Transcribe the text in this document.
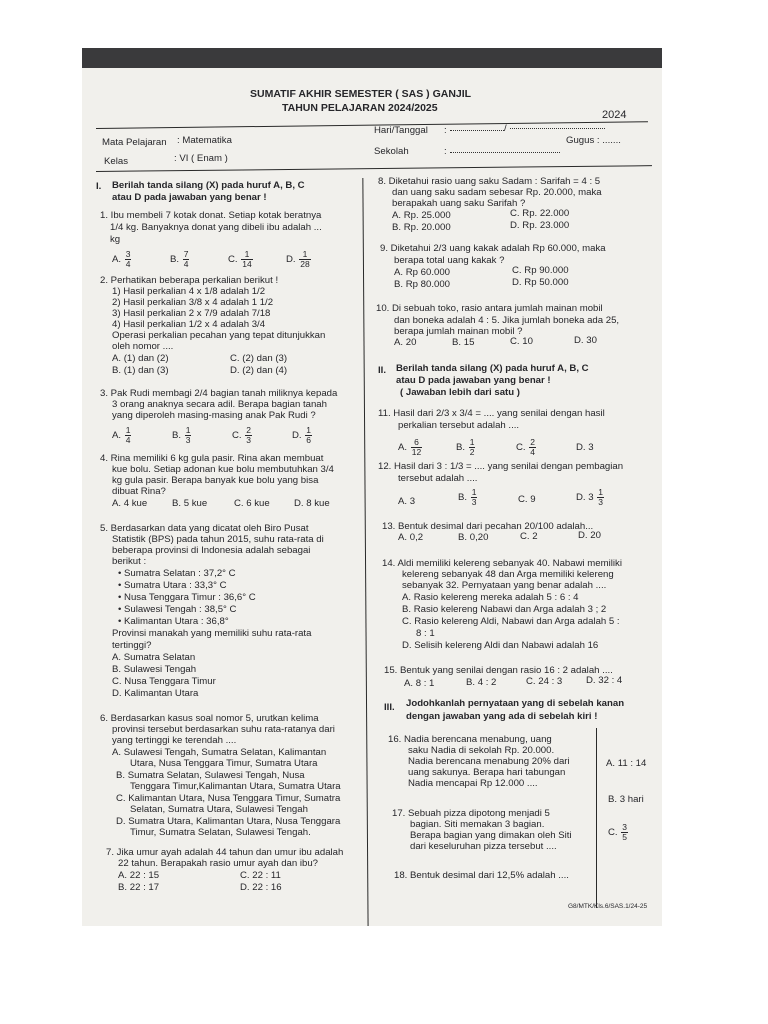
SUMATIF AKHIR SEMESTER ( SAS ) GANJIL
TAHUN PELAJARAN 2024/2025
2024
Mata Pelajaran : Matematika
Kelas	: VI ( Enam )
Hari/Tanggal :	/
Sekolah	:
Gugus : .......
I. Berilah tanda silang (X) pada huruf A, B, C
atau D pada jawaban yang benar !
1. Ibu membeli 7 kotak donat. Setiap kotak beratnya
1/4 kg. Banyaknya donat yang dibeli ibu adalah ...
kg
A. $\frac{3}{4}$	B. $\frac{7}{4}$	C. $\frac{1}{14}$	D. $\frac{1}{28}$
2. Perhatikan beberapa perkalian berikut !
1) Hasil perkalian 4 x 1/8 adalah 1/2
2) Hasil perkalian 3/8 x 4 adalah 1 1/2
3) Hasil perkalian 2 x 7/9 adalah 7/18
4) Hasil perkalian 1/2 x 4 adalah 3/4
Operasi perkalian pecahan yang tepat ditunjukkan
oleh nomor ....
A. (1) dan (2)	C. (2) dan (3)
B. (1) dan (3)	D. (2) dan (4)
3. Pak Rudi membagi 2/4 bagian tanah miliknya kepada
3 orang anaknya secara adil. Berapa bagian tanah
yang diperoleh masing-masing anak Pak Rudi ?
A. $\frac{1}{4}$	B. $\frac{1}{3}$	C. $\frac{2}{3}$	D. $\frac{1}{6}$
4. Rina memiliki 6 kg gula pasir. Rina akan membuat
kue bolu. Setiap adonan kue bolu membutuhkan 3/4
kg gula pasir. Berapa banyak kue bolu yang bisa
dibuat Rina?
A. 4 kue	B. 5 kue	C. 6 kue	D. 8 kue
5. Berdasarkan data yang dicatat oleh Biro Pusat
Statistik (BPS) pada tahun 2015, suhu rata-rata di
beberapa provinsi di Indonesia adalah sebagai
berikut :
• Sumatra Selatan : 37,2° C
• Sumatra Utara : 33,3° C
• Nusa Tenggara Timur : 36,6° C
• Sulawesi Tengah : 38,5° C
• Kalimantan Utara : 36,8°
Provinsi manakah yang memiliki suhu rata-rata
tertinggi?
A. Sumatra Selatan
B. Sulawesi Tengah
C. Nusa Tenggara Timur
D. Kalimantan Utara
6. Berdasarkan kasus soal nomor 5, urutkan kelima
provinsi tersebut berdasarkan suhu rata-ratanya dari
yang tertinggi ke terendah ....
A. Sulawesi Tengah, Sumatra Selatan, Kalimantan
Utara, Nusa Tenggara Timur, Sumatra Utara
B. Sumatra Selatan, Sulawesi Tengah, Nusa
Tenggara Timur,Kalimantan Utara, Sumatra Utara
C. Kalimantan Utara, Nusa Tenggara Timur, Sumatra
Selatan, Sumatra Utara, Sulawesi Tengah
D. Sumatra Utara, Kalimantan Utara, Nusa Tenggara
Timur, Sumatra Selatan, Sulawesi Tengah.
7. Jika umur ayah adalah 44 tahun dan umur ibu adalah
22 tahun. Berapakah rasio umur ayah dan ibu?
A. 22 : 15	C. 22 : 11
B. 22 : 17	D. 22 : 16
8. Diketahui rasio uang saku Sadam : Sarifah = 4 : 5
dan uang saku sadam sebesar Rp. 20.000, maka
berapakah uang saku Sarifah ?
A. Rp. 25.000	C. Rp. 22.000
B. Rp. 20.000	D. Rp. 23.000
9. Diketahui 2/3 uang kakak adalah Rp 60.000, maka
berapa total uang kakak ?
A. Rp 60.000	C. Rp 90.000
B. Rp 80.000	D. Rp 50.000
10. Di sebuah toko, rasio antara jumlah mainan mobil
dan boneka adalah 4 : 5. Jika jumlah boneka ada 25,
berapa jumlah mainan mobil ?
A. 20	B. 15	C. 10	D. 30
II. Berilah tanda silang (X) pada huruf A, B, C
atau D pada jawaban yang benar !
( Jawaban lebih dari satu )
11. Hasil dari 2/3 x 3/4 = .... yang senilai dengan hasil
perkalian tersebut adalah ....
A. $\frac{6}{12}$	B. $\frac{1}{2}$	C. $\frac{2}{4}$	D. 3
12. Hasil dari 3 : 1/3 = .... yang senilai dengan pembagian
tersebut adalah ....
A. 3	B. $\frac{1}{3}$	C. 9	D. $3 \frac{1}{3}$
13. Bentuk desimal dari pecahan 20/100 adalah...
A. 0,2	B. 0,20	C. 2	D. 20
14. Aldi memiliki kelereng sebanyak 40. Nabawi memiliki
kelereng sebanyak 48 dan Arga memiliki kelereng
sebanyak 32. Pernyataan yang benar adalah ....
A. Rasio kelereng mereka adalah 5 : 6 : 4
B. Rasio kelereng Nabawi dan Arga adalah 3 ; 2
C. Rasio kelereng Aldi, Nabawi dan Arga adalah 5 :
8 : 1
D. Selisih kelereng Aldi dan Nabawi adalah 16
15. Bentuk yang senilai dengan rasio 16 : 2 adalah ....
A. 8 : 1	B. 4 : 2	C. 24 : 3 D. 32 : 4
III. Jodohkanlah pernyataan yang di sebelah kanan
dengan jawaban yang ada di sebelah kiri !
16. Nadia berencana menabung, uang
saku Nadia di sekolah Rp. 20.000.
Nadia berencana menabung 20% dari
uang sakunya. Berapa hari tabungan
Nadia mencapai Rp 12.000 ....
17. Sebuah pizza dipotong menjadi 5
bagian. Siti memakan 3 bagian.
Berapa bagian yang dimakan oleh Siti
dari keseluruhan pizza tersebut ....
18. Bentuk desimal dari 12,5% adalah ....
A. 11 : 14
B. 3 hari
C. $\frac{3}{5}$
G8/MTK/Kls.6/SAS.1/24-25
